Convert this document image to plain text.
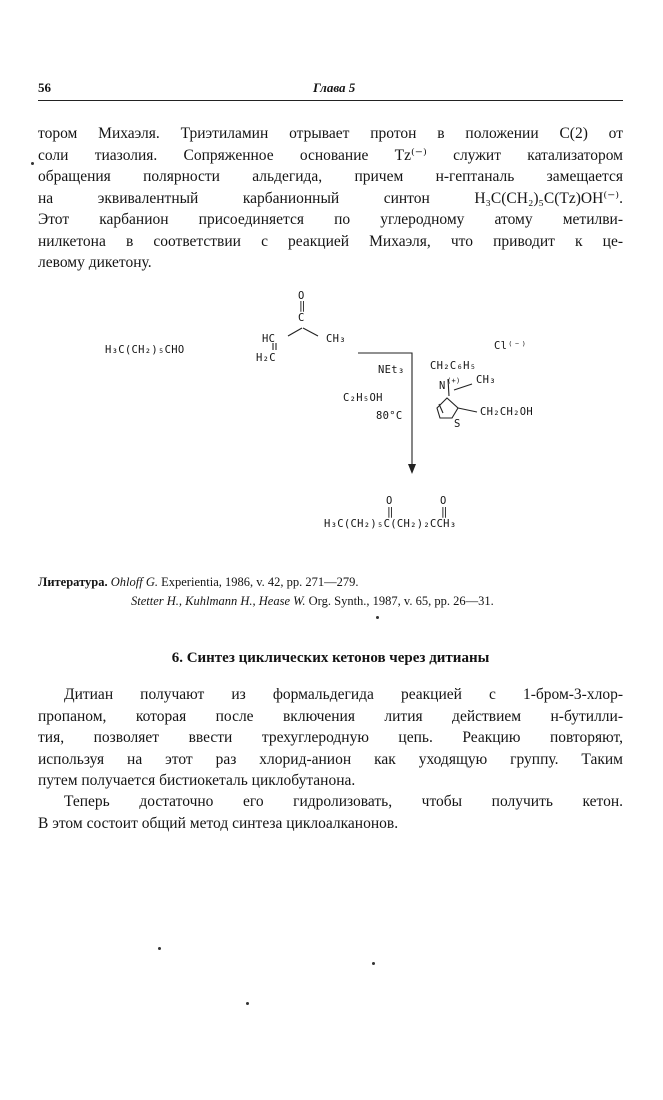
56	Глава 5

тором Михаэля. Триэтиламин отрывает протон в положении C(2) от
соли тиазолия. Сопряженное основание Tz⁽⁻⁾ служит катализатором
обращения полярности альдегида, причем н-гептаналь замещается
на эквивалентный карбанионный синтон H₃C(CH₂)₅C(Tz)OH⁽⁻⁾.
Этот карбанион присоединяется по углеродному атому метилви-
нилкетона в соответствии с реакцией Михаэля, что приводит к це-
левому дикетону.

H₃C(CH₂)₅CHO
O
‖
C
HC
H₂C
CH₃
NEt₃
C₂H₅OH
80°C
Cl⁽⁻⁾
CH₂C₆H₅
N (+) CH₃
S
CH₂CH₂OH
O	O
‖	‖
H₃C(CH₂)₅C(CH₂)₂CCH₃
Литература. Ohloff G. Experientia, 1986, v. 42, pp. 271—279.
Stetter H., Kuhlmann H., Hease W. Org. Synth., 1987, v. 65, pp. 26—31.
6. Синтез циклических кетонов через дитианы

Дитиан получают из формальдегида реакцией с 1-бром-3-хлор-
пропаном, которая после включения лития действием н-бутилли-
тия, позволяет ввести трехуглеродную цепь. Реакцию повторяют,
используя на этот раз хлорид-анион как уходящую группу. Таким
путем получается бистиокеталь циклобутанона.

Теперь достаточно его гидролизовать, чтобы получить кетон.
В этом состоит общий метод синтеза циклоалканонов.
